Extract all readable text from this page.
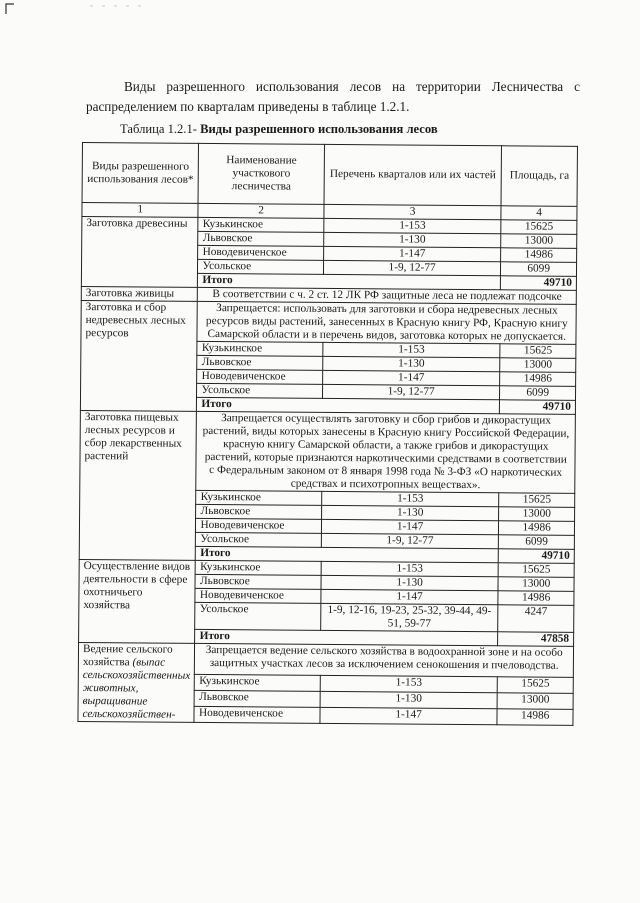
Виды разрешенного использования лесов на территории Лесничества с распределением по кварталам приведены в таблице 1.2.1.

Таблица 1.2.1- Виды разрешенного использования лесов
Виды разрешенного использования лесов*	Наименование участкового лесничества	Перечень кварталов или их частей	Площадь, га
1	2	3	4
Заготовка древесины	Кузькинское	1-153	15625
	Львовское	1-130	13000
	Новодевиченское	1-147	14986
	Усольское	1-9, 12-77	6099
	Итого		49710
Заготовка живицы	В соответствии с ч. 2 ст. 12 ЛК РФ защитные леса не подлежат подсочке		
Заготовка и сбор недревесных лесных ресурсов	Запрещается: использовать для заготовки и сбора недревесных лесных ресурсов виды растений, занесенных в Красную книгу РФ, Красную книгу Самарской области и в перечень видов, заготовка которых не допускается.		
	Кузькинское	1-153	15625
	Львовское	1-130	13000
	Новодевиченское	1-147	14986
	Усольское	1-9, 12-77	6099
	Итого		49710
Заготовка пищевых лесных ресурсов и сбор лекарственных растений	Запрещается осуществлять заготовку и сбор грибов и дикорастущих растений, виды которых занесены в Красную книгу Российской Федерации, красную книгу Самарской области, а также грибов и дикорастущих растений, которые признаются наркотическими средствами в соответствии с Федеральным законом от 8 января 1998 года № 3-ФЗ «О наркотических средствах и психотропных веществах».		
	Кузькинское	1-153	15625
	Львовское	1-130	13000
	Новодевиченское	1-147	14986
	Усольское	1-9, 12-77	6099
	Итого		49710
Осуществление видов деятельности в сфере охотничьего хозяйства	Кузькинское	1-153	15625
	Львовское	1-130	13000
	Новодевиченское	1-147	14986
	Усольское	1-9, 12-16, 19-23, 25-32, 39-44, 49-51, 59-77	4247
	Итого		47858
Ведение сельского хозяйства (выпас сельскохозяйственных животных, выращивание сельскохозяйствен-	Запрещается ведение сельского хозяйства в водоохранной зоне и на особо защитных участках лесов за исключением сенокошения и пчеловодства.		
	Кузькинское	1-153	15625
	Львовское	1-130	13000
	Новодевиченское	1-147	14986
